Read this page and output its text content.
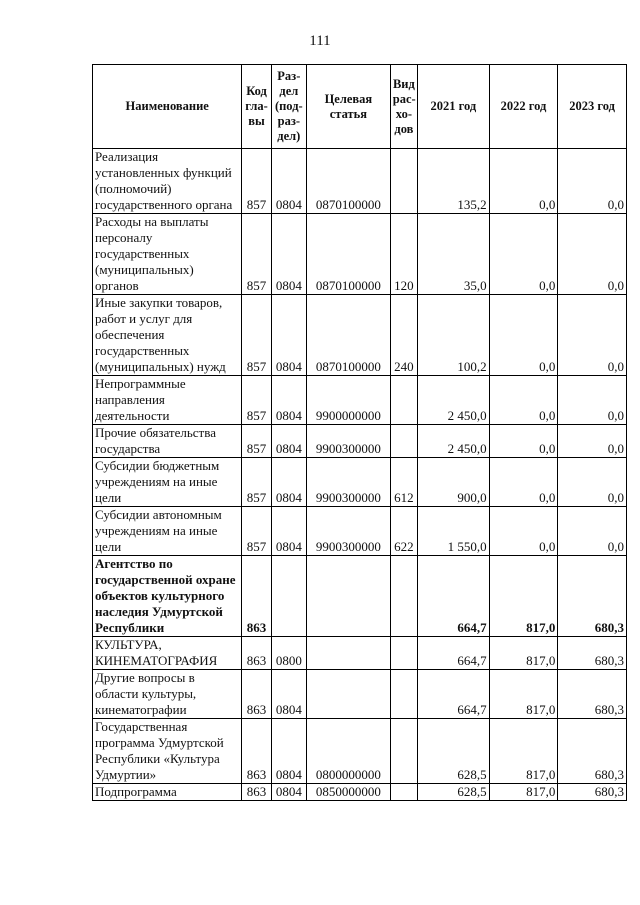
111
Наименование	Код гла- вы	Раз- дел (под- раз- дел)	Целевая статья	Вид рас- хо- дов	2021 год	2022 год	2023 год
Реализация установленных функций (полномочий) государственного органа	857	0804	0870100000		135,2	0,0	0,0
Расходы на выплаты персоналу государственных (муниципальных) органов	857	0804	0870100000	120	35,0	0,0	0,0
Иные закупки товаров, работ и услуг для обеспечения государственных (муниципальных) нужд	857	0804	0870100000	240	100,2	0,0	0,0
Непрограммные направления деятельности	857	0804	9900000000		2 450,0	0,0	0,0
Прочие обязательства государства	857	0804	9900300000		2 450,0	0,0	0,0
Субсидии бюджетным учреждениям на иные цели	857	0804	9900300000	612	900,0	0,0	0,0
Субсидии автономным учреждениям на иные цели	857	0804	9900300000	622	1 550,0	0,0	0,0
Агентство по государственной охране объектов культурного наследия Удмуртской Республики	863				664,7	817,0	680,3
КУЛЬТУРА, КИНЕМАТОГРАФИЯ	863	0800			664,7	817,0	680,3
Другие вопросы в области культуры, кинематографии	863	0804			664,7	817,0	680,3
Государственная программа Удмуртской Республики «Культура Удмуртии»	863	0804	0800000000		628,5	817,0	680,3
Подпрограмма	863	0804	0850000000		628,5	817,0	680,3
